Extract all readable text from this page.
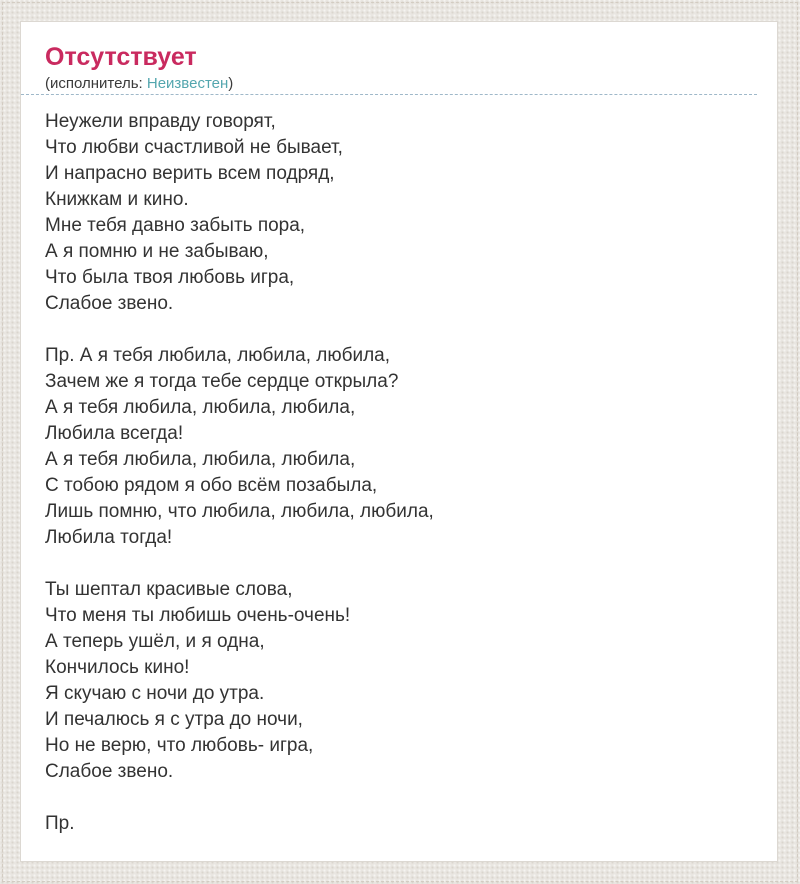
Отсутствует

(исполнитель: Неизвестен)

Неужели вправду говорят,
Что любви счастливой не бывает,
И напрасно верить всем подряд,
Книжкам и кино.
Мне тебя давно забыть пора,
А я помню и не забываю,
Что была твоя любовь игра,
Слабое звено.
Пр. А я тебя любила, любила, любила,
Зачем же я тогда тебе сердце открыла?
А я тебя любила, любила, любила,
Любила всегда!
А я тебя любила, любила, любила,
С тобою рядом я обо всём позабыла,
Лишь помню, что любила, любила, любила,
Любила тогда!
Ты шептал красивые слова,
Что меня ты любишь очень-очень!
А теперь ушёл, и я одна,
Кончилось кино!
Я скучаю с ночи до утра.
И печалюсь я с утра до ночи,
Но не верю, что любовь- игра,
Слабое звено.
Пр.
